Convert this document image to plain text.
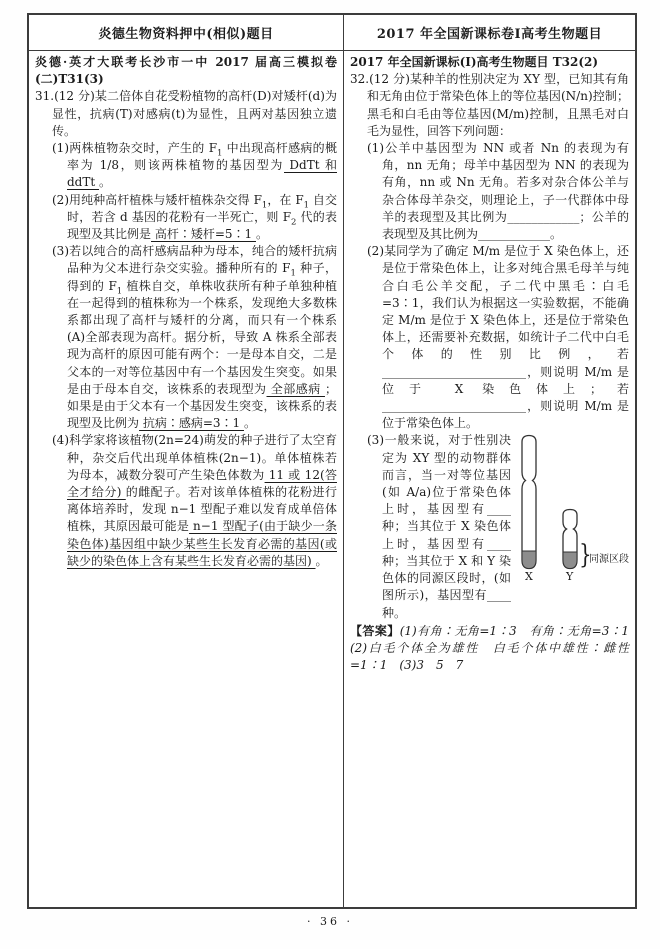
炎德生物资料押中(相似)题目	2017 年全国新课标卷Ⅰ高考生物题目
炎德·英才大联考长沙市一中 2017 届高三模拟卷(二)T31(3)
31.(12 分)某二倍体自花受粉植物的高杆(D)对矮杆(d)为显性，抗病(T)对感病(t)为显性，且两对基因独立遗传。
(1)两株植物杂交时，产生的 $F_1$ 中出现高杆感病的概率为 1/8，则该两株植物的基因型为 DdTt 和 ddTt 。
(2)用纯种高杆植株与矮杆植株杂交得 $F_1$，在 $F_1$ 自交时，若含 d 基因的花粉有一半死亡，则 $F_2$ 代的表现型及其比例是 高杆∶矮杆=5∶1 。
(3)若以纯合的高杆感病品种为母本，纯合的矮杆抗病品种为父本进行杂交实验。播种所有的 $F_1$ 种子，得到的 $F_1$ 植株自交，单株收获所有种子单独种植在一起得到的植株称为一个株系，发现绝大多数株系都出现了高杆与矮杆的分离，而只有一个株系(A)全部表现为高杆。据分析，导致 A 株系全部表现为高杆的原因可能有两个：一是母本自交，二是父本的一对等位基因中有一个基因发生突变。如果是由于母本自交，该株系的表现型为 全部感病 ；如果是由于父本有一个基因发生突变，该株系的表现型及比例为 抗病∶感病=3∶1 。
(4)科学家将该植物(2n=24)萌发的种子进行了太空育种，杂交后代出现单体植株(2n−1)。单体植株若为母本，减数分裂可产生染色体数为 11 或 12(答全才给分) 的雌配子。若对该单体植株的花粉进行离体培养时，发现 n−1 型配子难以发育成单倍体植株，其原因最可能是 n−1 型配子(由于缺少一条染色体)基因组中缺少某些生长发育必需的基因(或缺少的染色体上含有某些生长发育必需的基因) 。
2017 年全国新课标(Ⅰ)高考生物题目 T32(2)
32.(12 分)某种羊的性别决定为 XY 型，已知其有角和无角由位于常染色体上的等位基因(N/n)控制；黑毛和白毛由等位基因(M/m)控制，且黑毛对白毛为显性，回答下列问题：
(1)公羊中基因型为 NN 或者 Nn 的表现为有角，nn 无角；母羊中基因型为 NN 的表现为有角，nn 或 Nn 无角。若多对杂合体公羊与杂合体母羊杂交，则理论上，子一代群体中母羊的表现型及其比例为____________；公羊的表现型及其比例为____________。
(2)某同学为了确定 M/m 是位于 X 染色体上，还是位于常染色体上，让多对纯合黑毛母羊与纯合白毛公羊交配，子二代中黑毛∶白毛=3∶1，我们认为根据这一实验数据，不能确定 M/m 是位于 X 染色体上，还是位于常染色体上，还需要补充数据，如统计子二代中白毛个体的性别比例，若________________________，则说明 M/m 是位于 X 染色体上；若________________________，则说明 M/m 是位于常染色体上。
}
同源区段
X	Y
(3)一般来说，对于性别决定为 XY 型的动物群体而言，当一对等位基因(如 A/a)位于常染色体上时，基因型有____种；当其位于 X 染色体上时，基因型有____种；当其位于 X 和 Y 染色体的同源区段时，(如图所示)，基因型有____种。
【答案】(1)有角∶无角=1∶3　有角∶无角=3∶1　(2)白毛个体全为雄性　白毛个体中雄性∶雌性=1∶1　(3)3　5　7
· 36 ·
